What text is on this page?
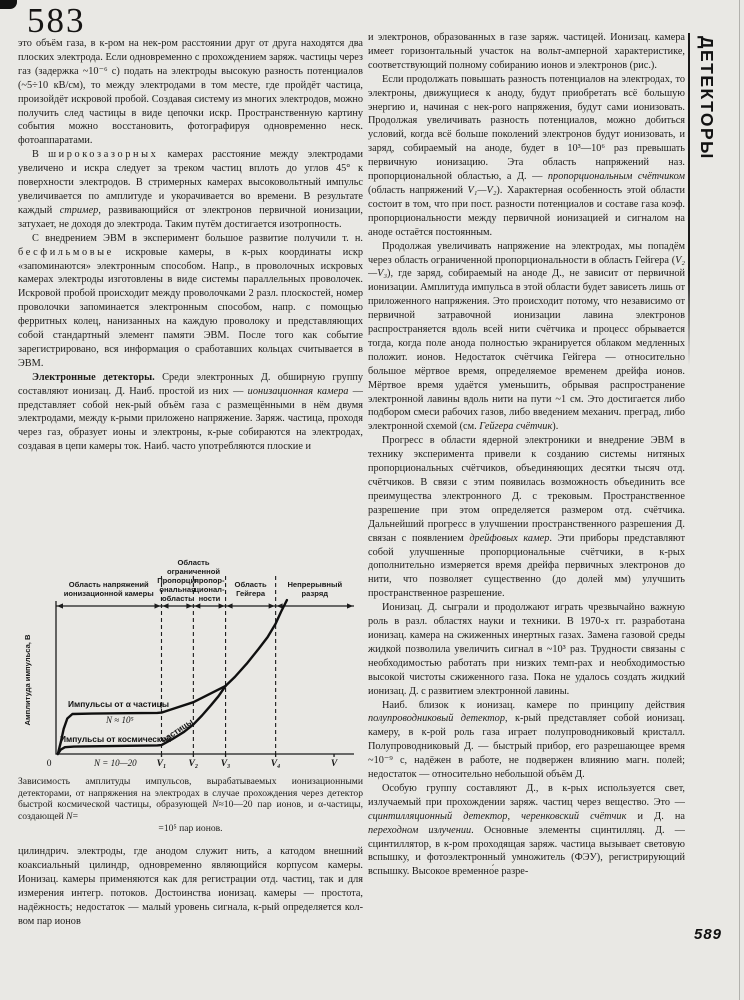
583

это объём газа, в к-ром на нек-ром расстоянии друг от друга находятся два плоских электрода. Если одновременно с прохождением заряж. частицы через газ (задержка ~10⁻⁶ с) подать на электроды высокую разность потенциалов (~5÷10 кВ/см), то между электродами в том месте, где пройдёт частица, произойдёт искровой пробой. Создавая систему из многих электродов, можно получить след частицы в виде цепочки искр. Пространственную картину события можно восстановить, фотографируя одновременно неск. фотоаппаратами.

В широкозазорных камерах расстояние между электродами увеличено и искра следует за треком частиц вплоть до углов 45° к поверхности электродов. В стримерных камерах высоковольтный импульс увеличивается по амплитуде и укорачивается во времени. В результате каждый стример, развивающийся от электронов первичной ионизации, затухает, не доходя до электрода. Таким путём достигается изотропность.

С внедрением ЭВМ в эксперимент большое развитие получили т. н. бесфильмовые искровые камеры, в к-рых координаты искр «запоминаются» электронным способом. Напр., в проволочных искровых камерах электроды изготовлены в виде системы параллельных проволочек. Искровой пробой происходит между проволочками 2 разл. плоскостей, номер проволочки запоминается электронным способом, напр. с помощью ферритных колец, нанизанных на каждую проволоку и представляющих собой стандартный элемент памяти ЭВМ. После того как событие зарегистрировано, вся информация о сработавших кольцах считывается в ЭВМ.

Электронные детекторы. Среди электронных Д. обширную группу составляют ионизац. Д. Наиб. простой из них — ионизационная камера — представляет собой нек-рый объём газа с размещёнными в нём двумя электродами, между к-рыми приложено напряжение. Заряж. частица, проходя через газ, образует ионы и электроны, к-рые собираются на электродах, создавая в цепи камеры ток. Наиб. часто употребляются плоские и

0	V₁ V₂ V₃	V₄	V
Область напряжений
ионизационной камеры
Пропорци-
ональная
область
пропор-
ционал-
ности
Область
Гейгера
Непрерывный
разряд
Область
ограниченной
Импульсы от α частицы
N ≈ 10⁵
Импульсы от космической
частицы
N = 10—20
Амплитуда импульса, В

Зависимость амплитуды импульсов, вырабатываемых ионизационными детекторами, от напряжения на электродах в случае прохождения через детектор быстрой космической частицы, образующей N≈10—20 пар ионов, и α-частицы, создающей N=

=10⁵ пар ионов.

цилиндрич. электроды, где анодом служит нить, а катодом внешний коаксиальный цилиндр, одновременно являющийся корпусом камеры. Ионизац. камеры применяются как для регистрации отд. частиц, так и для измерения интегр. потоков. Достоинства ионизац. камеры — простота, надёжность; недостаток — малый уровень сигнала, к-рый определяется кол-вом пар ионов

и электронов, образованных в газе заряж. частицей. Ионизац. камера имеет горизонтальный участок на вольт-амперной характеристике, соответствующий полному собиранию ионов и электронов (рис.).

Если продолжать повышать разность потенциалов на электродах, то электроны, движущиеся к аноду, будут приобретать всё большую энергию и, начиная с нек-рого напряжения, будут сами ионизовать. Продолжая увеличивать разность потенциалов, можно добиться условий, когда всё больше поколений электронов будут ионизовать, и заряд, собираемый на аноде, будет в 10³—10⁶ раз превышать первичную ионизацию. Эта область напряжений наз. пропорциональной областью, а Д. — пропорциональным счётчиком (область напряжений V₁—V₂). Характерная особенность этой области состоит в том, что при пост. разности потенциалов и составе газа коэф. пропорциональности между первичной ионизацией и сигналом на аноде остаётся постоянным.

Продолжая увеличивать напряжение на электродах, мы попадём через область ограниченной пропорциональности в область Гейгера (V₂—V₃), где заряд, собираемый на аноде Д., не зависит от первичной ионизации. Амплитуда импульса в этой области будет зависеть лишь от приложенного напряжения. Это происходит потому, что независимо от первичной затравочной ионизации лавина электронов распространяется вдоль всей нити счётчика и процесс обрывается тогда, когда поле анода полностью экранируется облаком медленных положит. ионов. Недостаток счётчика Гейгера — относительно большое мёртвое время, определяемое временем дрейфа ионов. Мёртвое время удаётся уменьшить, обрывая распространение электронной лавины вдоль нити на пути ~1 см. Это достигается либо подбором смеси рабочих газов, либо введением механич. преград, либо электронной схемой (см. Гейгера счётчик).

Прогресс в области ядерной электроники и внедрение ЭВМ в технику эксперимента привели к созданию системы нитяных пропорциональных счётчиков, объединяющих десятки тысяч отд. счётчиков. В связи с этим появилась возможность объединить все преимущества электронного Д. с трековым. Пространственное разрешение при этом определяется размером отд. счётчика. Дальнейший прогресс в улучшении пространственного разрешения Д. связан с появлением дрейфовых камер. Эти приборы представляют собой улучшенные пропорциональные счётчики, в к-рых дополнительно измеряется время дрейфа первичных электронов до нити, что позволяет существенно (до долей мм) улучшить пространственное разрешение.

Ионизац. Д. сыграли и продолжают играть чрезвычайно важную роль в разл. областях науки и техники. В 1970-х гг. разработана ионизац. камера на сжиженных инертных газах. Замена газовой среды жидкой позволила увеличить сигнал в ~10³ раз. Трудности связаны с необходимостью работать при низких темп-рах и необходимостью высокой чистоты сжиженного газа. Пока не удалось создать жидкий ионизац. Д. с развитием электронной лавины.

Наиб. близок к ионизац. камере по принципу действия полупроводниковый детектор, к-рый представляет собой ионизац. камеру, в к-рой роль газа играет полупроводниковый кристалл. Полупроводниковый Д. — быстрый прибор, его разрешающее время ~10⁻⁹ с, надёжен в работе, не подвержен влиянию магн. полей; недостаток — относительно небольшой объём Д.

Особую группу составляют Д., в к-рых используется свет, излучаемый при прохождении заряж. частиц через вещество. Это — сцинтилляционный детектор, черенковский счётчик и Д. на переходном излучении. Основные элементы сцинтилляц. Д. — сцинтиллятор, в к-ром проходящая заряж. частица вызывает световую вспышку, и фотоэлектронный умножитель (ФЭУ), регистрирующий вспышку. Высокое временно́е разре-

ДЕТЕКТОРЫ
589
